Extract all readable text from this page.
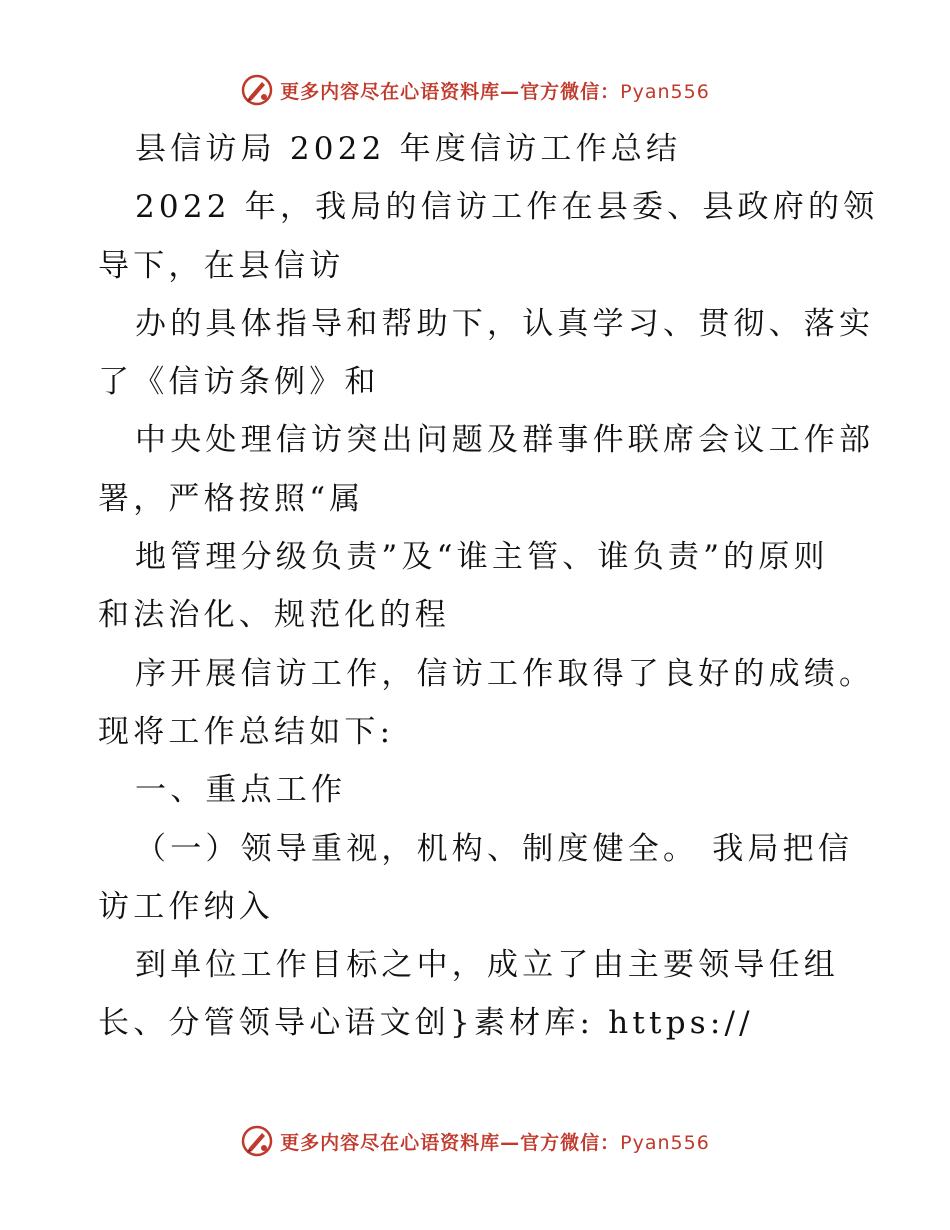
更多内容尽在心语资料库—官方微信：Pyan556
县信访局 2022 年度信访工作总结
2022 年，我局的信访工作在县委、县政府的领
导下，在县信访
办的具体指导和帮助下，认真学习、贯彻、落实
了《信访条例》和
中央处理信访突出问题及群事件联席会议工作部
署，严格按照“属
地管理分级负责”及“谁主管、谁负责”的原则
和法治化、规范化的程
序开展信访工作，信访工作取得了良好的成绩。
现将工作总结如下:
一、重点工作
（一）领导重视，机构、制度健全。 我局把信
访工作纳入
到单位工作目标之中，成立了由主要领导任组
长、分管领导心语文创}素材库: https://
更多内容尽在心语资料库—官方微信：Pyan556
